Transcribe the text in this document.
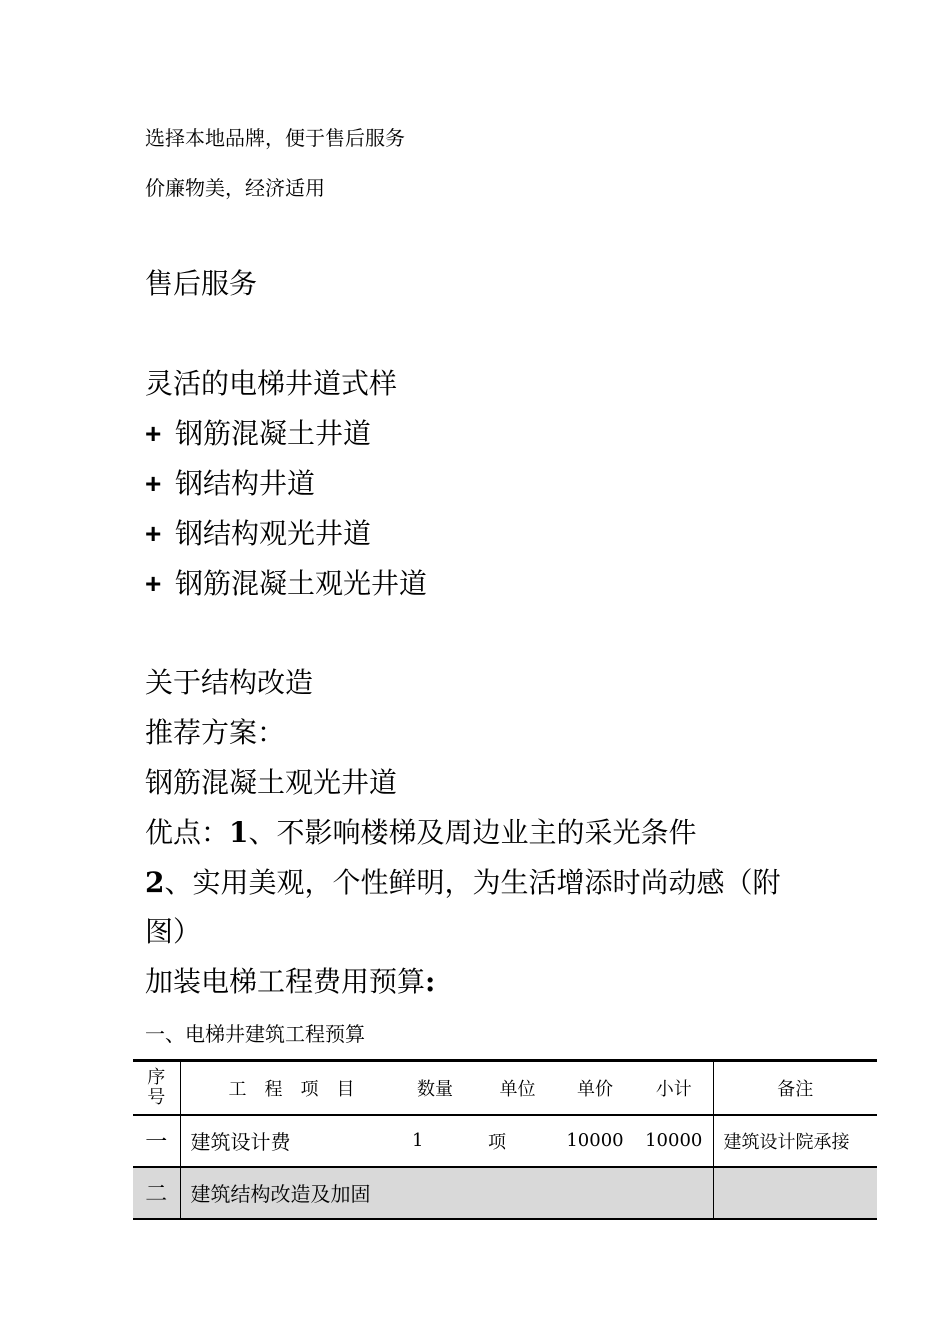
选择本地品牌，便于售后服务
价廉物美，经济适用
售后服务
灵活的电梯井道式样
+ 钢筋混凝土井道
+ 钢结构井道
+ 钢结构观光井道
+ 钢筋混凝土观光井道
关于结构改造
推荐方案：
钢筋混凝土观光井道
优点：1、不影响楼梯及周边业主的采光条件
2、实用美观，个性鲜明，为生活增添时尚动感（附
图）
加装电梯工程费用预算:
一、电梯井建筑工程预算
序
号	工　程　项　目	数量	单位	单价	小计	备注
一	建筑设计费	1	项	10000	10000	建筑设计院承接
二	建筑结构改造及加固					
